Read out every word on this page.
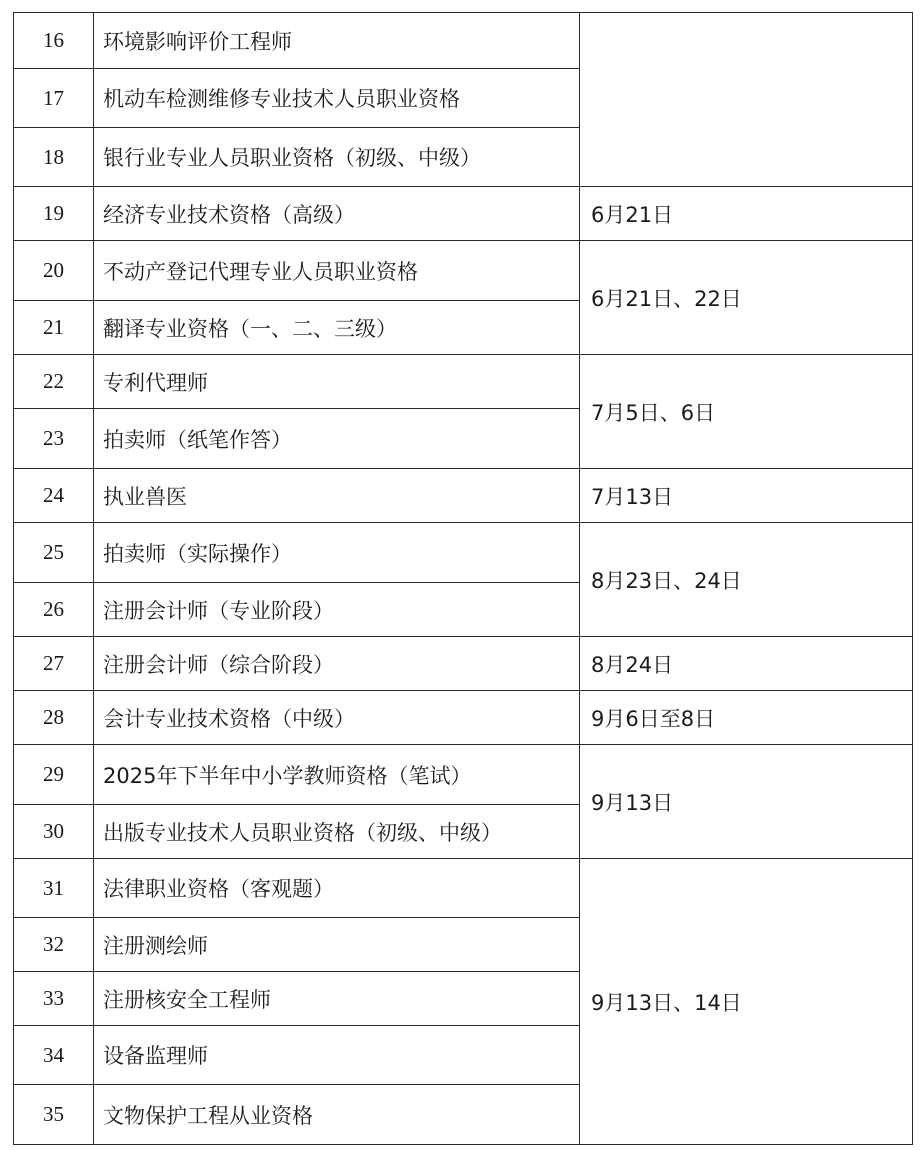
16	环境影响评价工程师	
17	机动车检测维修专业技术人员职业资格	
18	银行业专业人员职业资格（初级、中级）	
19	经济专业技术资格（高级）	6月21日
20	不动产登记代理专业人员职业资格	6月21日、22日
21	翻译专业资格（一、二、三级）	
22	专利代理师	7月5日、6日
23	拍卖师（纸笔作答）	
24	执业兽医	7月13日
25	拍卖师（实际操作）	8月23日、24日
26	注册会计师（专业阶段）	
27	注册会计师（综合阶段）	8月24日
28	会计专业技术资格（中级）	9月6日至8日
29	2025年下半年中小学教师资格（笔试）	9月13日
30	出版专业技术人员职业资格（初级、中级）	
31	法律职业资格（客观题）	9月13日、14日
32	注册测绘师	
33	注册核安全工程师	
34	设备监理师	
35	文物保护工程从业资格	
